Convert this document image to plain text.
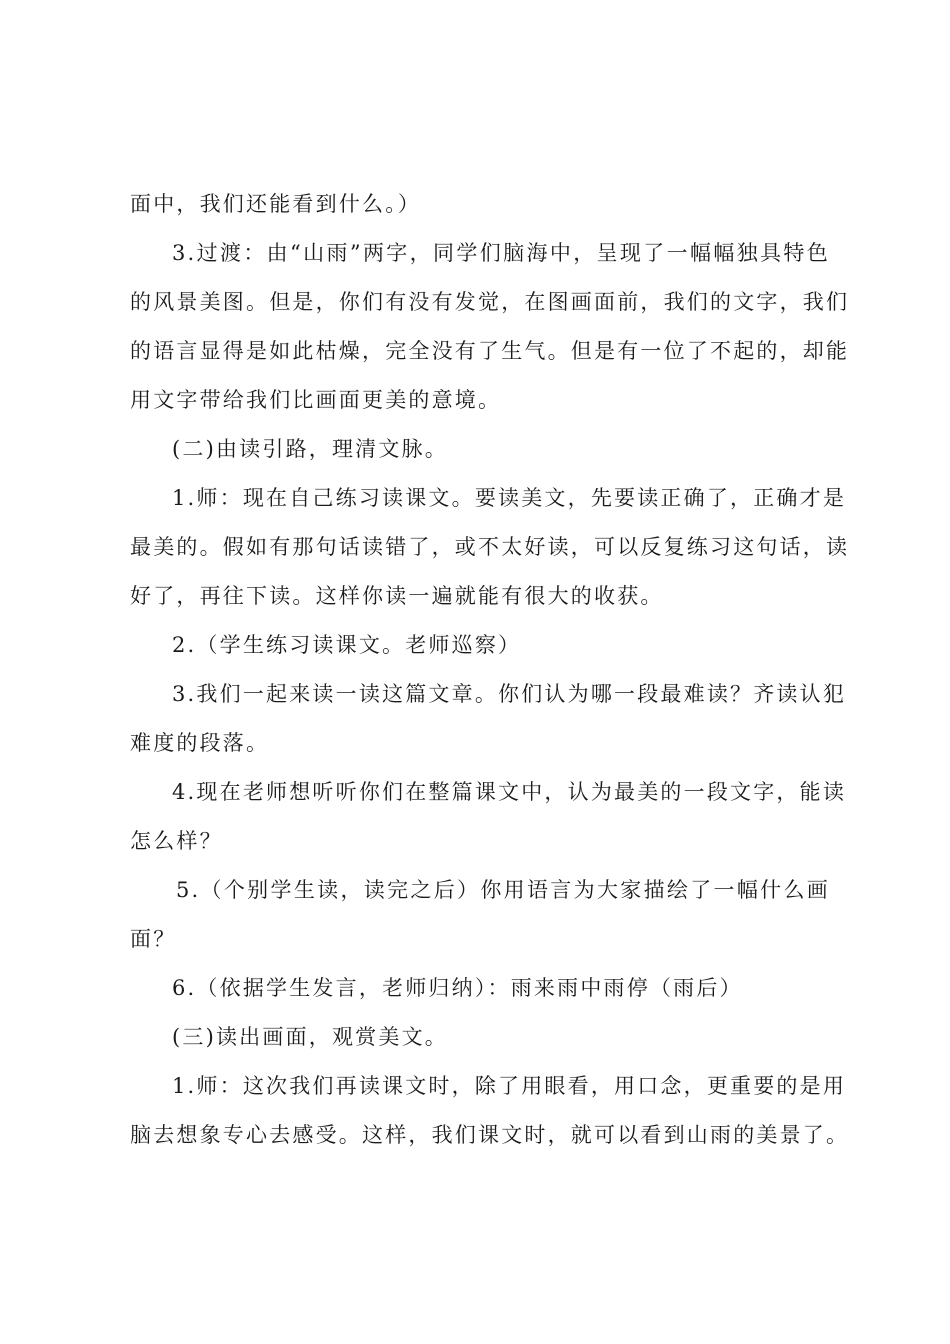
面中，我们还能看到什么。）
3.过渡：由“山雨”两字，同学们脑海中，呈现了一幅幅独具特色
的风景美图。但是，你们有没有发觉，在图画面前，我们的文字，我们
的语言显得是如此枯燥，完全没有了生气。但是有一位了不起的，却能
用文字带给我们比画面更美的意境。
(二)由读引路，理清文脉。
1.师：现在自己练习读课文。要读美文，先要读正确了，正确才是
最美的。假如有那句话读错了，或不太好读，可以反复练习这句话，读
好了，再往下读。这样你读一遍就能有很大的收获。
2.（学生练习读课文。老师巡察）
3.我们一起来读一读这篇文章。你们认为哪一段最难读？齐读认犯
难度的段落。
4.现在老师想听听你们在整篇课文中，认为最美的一段文字，能读
怎么样？
5.（个别学生读，读完之后）你用语言为大家描绘了一幅什么画
面？
6.（依据学生发言，老师归纳）：雨来雨中雨停（雨后）
(三)读出画面，观赏美文。
1.师：这次我们再读课文时，除了用眼看，用口念，更重要的是用
脑去想象专心去感受。这样，我们课文时，就可以看到山雨的美景了。
